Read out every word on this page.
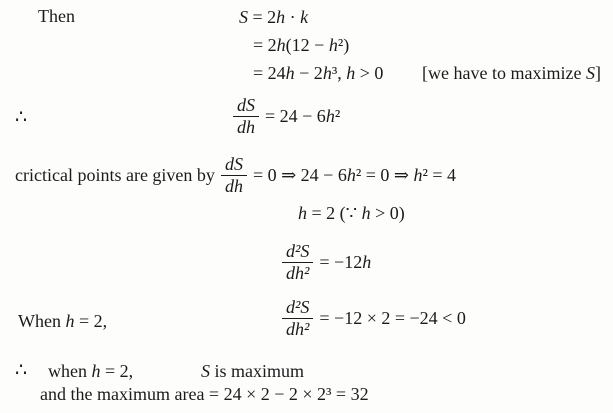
Then	S = 2h · k
= 2h(12 − h²)
= 24h − 2h³, h > 0 [we have to maximize S]
∴	$\frac{dS}{dh} = 24 - 6h^2$
crictical points are given by $\frac{dS}{dh} = 0$ ⇒ 24 − 6h² = 0 ⇒ h² = 4
h = 2 (∵ h > 0)
$\frac{\text{d²S}}{\text{dh²}} = -12h$
When h = 2,	$\frac{\text{d²S}}{\text{dh²}} = -12 \times 2 = -24 < 0$
∴ when h = 2,	S is maximum
and the maximum area = 24 × 2 − 2 × 2³ = 32
